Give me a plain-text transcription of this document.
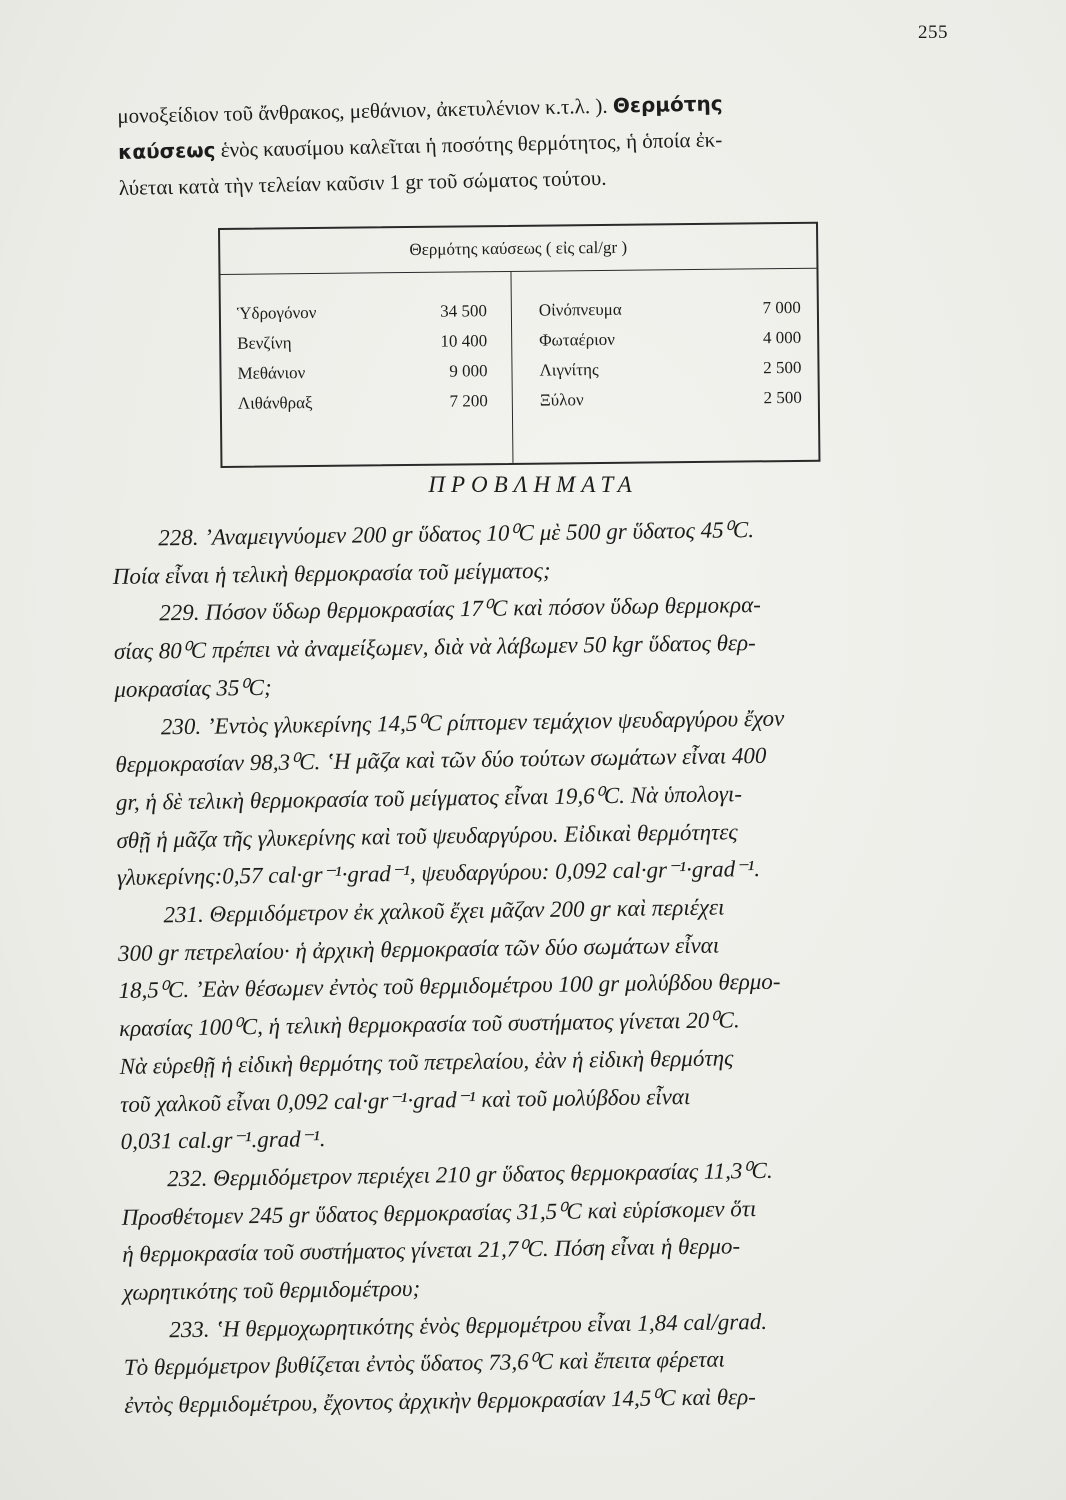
255
μονοξείδιον τοῦ ἄνθρακος, μεθάνιον, ἀκετυλένιον κ.τ.λ. ). Θερμότης
καύσεως ἑνὸς καυσίμου καλεῖται ἡ ποσότης θερμότητος, ἡ ὁποία ἐκ-
λύεται κατὰ τὴν τελείαν καῦσιν 1 gr τοῦ σώματος τούτου.
Θερμότης καύσεως ( εἰς cal/gr )
Ὑδρογόνον	34 500
Βενζίνη	10 400
Μεθάνιον	9 000
Λιθάνθραξ	7 200
Οἰνόπνευμα	7 000
Φωταέριον	4 000
Λιγνίτης	2 500
Ξύλον	2 500
ΠΡΟΒΛΗΜΑΤΑ
228. ’Αναμειγνύομεν 200 gr ὕδατος 10⁰C μὲ 500 gr ὕδατος 45⁰C.
Ποία εἶναι ἡ τελικὴ θερμοκρασία τοῦ μείγματος;
229. Πόσον ὕδωρ θερμοκρασίας 17⁰C καὶ πόσον ὕδωρ θερμοκρα-
σίας 80⁰C πρέπει νὰ ἀναμείξωμεν, διὰ νὰ λάβωμεν 50 kgr ὕδατος θερ-
μοκρασίας 35⁰C;
230. ’Εντὸς γλυκερίνης 14,5⁰C ρίπτομεν τεμάχιον ψευδαργύρου ἔχον
θερμοκρασίαν 98,3⁰C. ‛Η μᾶζα καὶ τῶν δύο τούτων σωμάτων εἶναι 400
gr, ἡ δὲ τελικὴ θερμοκρασία τοῦ μείγματος εἶναι 19,6⁰C. Νὰ ὑπολογι-
σθῇ ἡ μᾶζα τῆς γλυκερίνης καὶ τοῦ ψευδαργύρου. Εἰδικαὶ θερμότητες
γλυκερίνης:0,57 cal·gr⁻¹·grad⁻¹, ψευδαργύρου: 0,092 cal·gr⁻¹·grad⁻¹.
231. Θερμιδόμετρον ἐκ χαλκοῦ ἔχει μᾶζαν 200 gr καὶ περιέχει
300 gr πετρελαίου· ἡ ἀρχικὴ θερμοκρασία τῶν δύο σωμάτων εἶναι
18,5⁰C. ’Εὰν θέσωμεν ἐντὸς τοῦ θερμιδομέτρου 100 gr μολύβδου θερμο-
κρασίας 100⁰C, ἡ τελικὴ θερμοκρασία τοῦ συστήματος γίνεται 20⁰C.
Νὰ εὑρεθῇ ἡ εἰδικὴ θερμότης τοῦ πετρελαίου, ἐὰν ἡ εἰδικὴ θερμότης
τοῦ χαλκοῦ εἶναι 0,092 cal·gr⁻¹·grad⁻¹ καὶ τοῦ μολύβδου εἶναι
0,031 cal.gr⁻¹.grad⁻¹.
232. Θερμιδόμετρον περιέχει 210 gr ὕδατος θερμοκρασίας 11,3⁰C.
Προσθέτομεν 245 gr ὕδατος θερμοκρασίας 31,5⁰C καὶ εὑρίσκομεν ὅτι
ἡ θερμοκρασία τοῦ συστήματος γίνεται 21,7⁰C. Πόση εἶναι ἡ θερμο-
χωρητικότης τοῦ θερμιδομέτρου;
233. ‛Η θερμοχωρητικότης ἑνὸς θερμομέτρου εἶναι 1,84 cal/grad.
Τὸ θερμόμετρον βυθίζεται ἐντὸς ὕδατος 73,6⁰C καὶ ἔπειτα φέρεται
ἐντὸς θερμιδομέτρου, ἔχοντος ἀρχικὴν θερμοκρασίαν 14,5⁰C καὶ θερ-
